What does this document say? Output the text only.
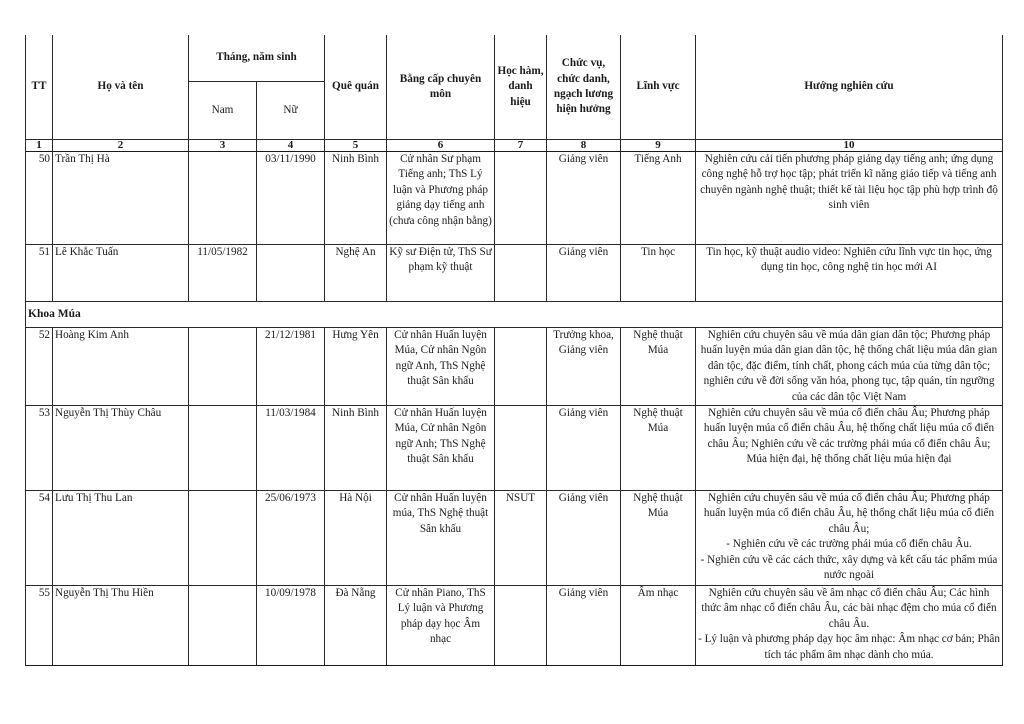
TT	Họ và tên	Tháng, năm sinh		Quê quán	Bằng cấp chuyên môn	Học hàm, danh hiệu	Chức vụ, chức danh, ngạch lương hiện hưởng	Lĩnh vực	Hướng nghiên cứu
		Nam	Nữ						
1	2	3	4	5	6	7	8	9	10
50	Trần Thị Hà		03/11/1990	Ninh Bình	Cử nhân Sư phạm Tiếng anh; ThS Lý luận và Phương pháp giảng dạy tiếng anh (chưa công nhận bằng)		Giảng viên	Tiếng Anh	Nghiên cứu cải tiến phương pháp giảng dạy tiếng anh; ứng dụng công nghệ hỗ trợ học tập; phát triển kĩ năng giáo tiếp và tiếng anh chuyên ngành nghệ thuật; thiết kế tài liệu học tập phù hợp trình độ sinh viên

51	Lê Khắc Tuấn	11/05/1982		Nghệ An	Kỹ sư Điện tử, ThS Sư phạm kỹ thuật		Giảng viên	Tin học	Tin học, kỹ thuật audio video: Nghiên cứu lĩnh vực tin học, ứng dụng tin học, công nghệ tin học mới AI

Khoa Múa									
52	Hoàng Kim Anh		21/12/1981	Hưng Yên	Cử nhân Huấn luyện Múa, Cử nhân Ngôn ngữ Anh, ThS Nghệ thuật Sân khấu		Trưởng khoa, Giảng viên	Nghệ thuật Múa	Nghiên cứu chuyên sâu về múa dân gian dân tộc; Phương pháp huấn luyện múa dân gian dân tộc, hệ thống chất liệu múa dân gian dân tộc, đặc điểm, tính chất, phong cách múa của từng dân tộc; nghiên cứu về đời sống văn hóa, phong tục, tập quán, tín ngưỡng của các dân tộc Việt Nam

53	Nguyễn Thị Thùy Châu		11/03/1984	Ninh Bình	Cử nhân Huấn luyện Múa, Cử nhân Ngôn ngữ Anh; ThS Nghệ thuật Sân khấu		Giảng viên	Nghệ thuật Múa	Nghiên cứu chuyên sâu về múa cổ điển châu Âu; Phương pháp huấn luyện múa cổ điển châu Âu, hệ thống chất liệu múa cổ điển châu Âu; Nghiên cứu về các trường phái múa cổ điển châu Âu; Múa hiện đại, hệ thống chất liệu múa hiện đại

54	Lưu Thị Thu Lan		25/06/1973	Hà Nội	Cử nhân Huấn luyện múa, ThS Nghệ thuật Sân khấu	NSUT	Giảng viên	Nghệ thuật Múa	Nghiên cứu chuyên sâu về múa cổ điển châu Âu; Phương pháp huấn luyện múa cổ điển châu Âu, hệ thống chất liệu múa cổ điển châu Âu;
- Nghiên cứu về các trường phái múa cổ điển châu Âu.
- Nghiên cứu về các cách thức, xây dựng và kết cấu tác phẩm múa nước ngoài

55	Nguyễn Thị Thu Hiền		10/09/1978	Đà Nẵng	Cử nhân Piano, ThS Lý luận và Phương pháp dạy học Âm nhạc		Giảng viên	Âm nhạc	Nghiên cứu chuyên sâu về âm nhạc cổ điển châu Âu; Các hình thức âm nhạc cổ điển châu Âu, các bài nhạc đệm cho múa cổ điển châu Âu.
- Lý luận và phương pháp dạy học âm nhạc: Âm nhạc cơ bản; Phân tích tác phẩm âm nhạc dành cho múa.
